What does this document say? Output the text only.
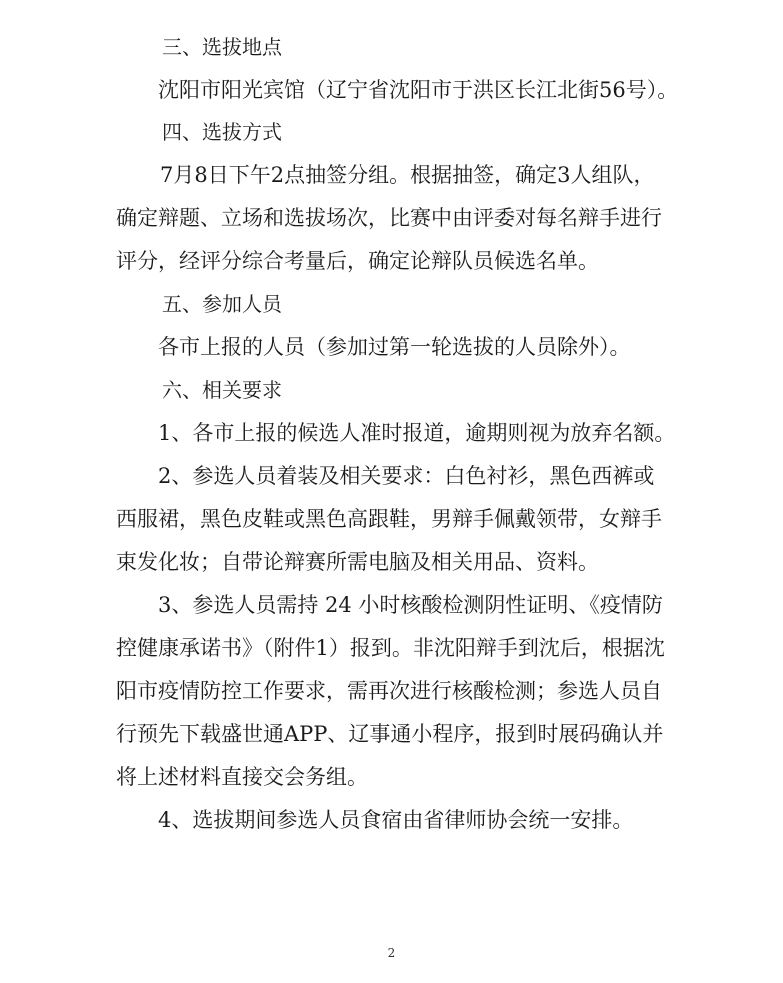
三、选拔地点
沈阳市阳光宾馆（辽宁省沈阳市于洪区长江北街56号）。
四、选拔方式
7月8日下午2点抽签分组。根据抽签，确定3人组队，
确定辩题、立场和选拔场次，比赛中由评委对每名辩手进行
评分，经评分综合考量后，确定论辩队员候选名单。
五、参加人员
各市上报的人员（参加过第一轮选拔的人员除外）。
六、相关要求
1、各市上报的候选人准时报道，逾期则视为放弃名额。
2、参选人员着装及相关要求：白色衬衫，黑色西裤或
西服裙，黑色皮鞋或黑色高跟鞋，男辩手佩戴领带，女辩手
束发化妆；自带论辩赛所需电脑及相关用品、资料。
3、参选人员需持 24 小时核酸检测阴性证明、《疫情防
控健康承诺书》（附件1）报到。非沈阳辩手到沈后，根据沈
阳市疫情防控工作要求，需再次进行核酸检测；参选人员自
行预先下载盛世通APP、辽事通小程序，报到时展码确认并
将上述材料直接交会务组。
4、选拔期间参选人员食宿由省律师协会统一安排。
2
